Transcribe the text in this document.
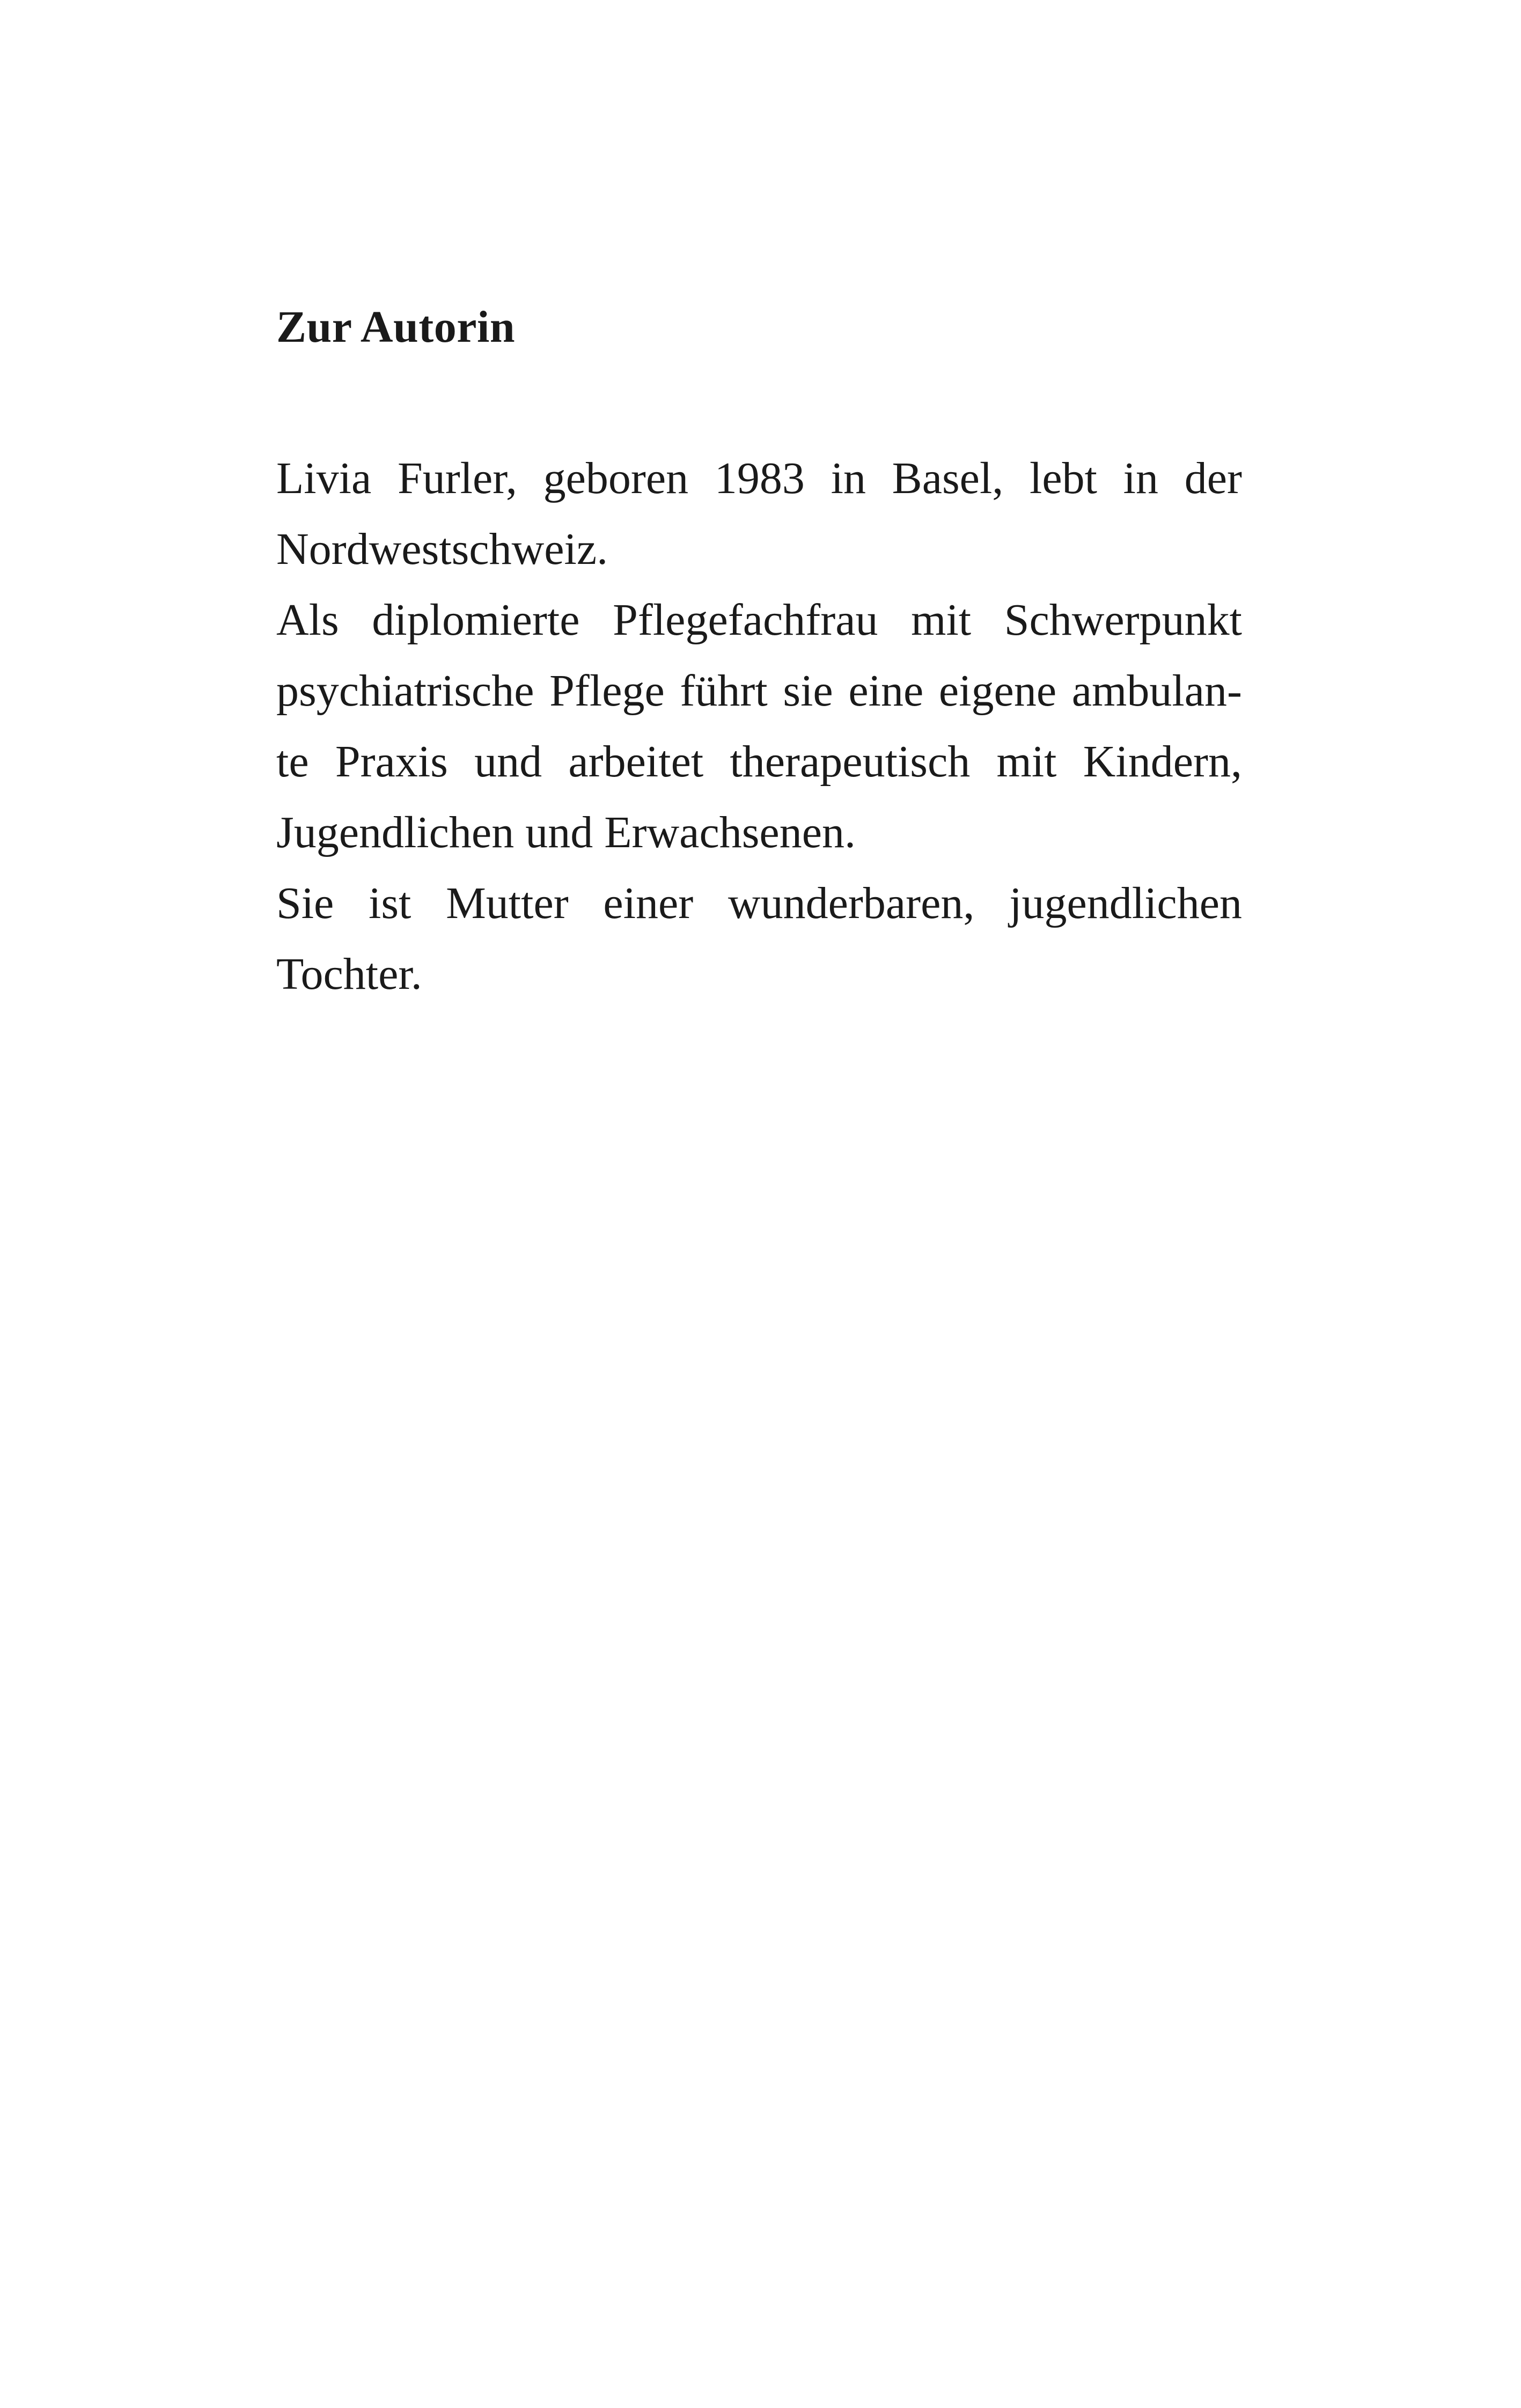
Zur Autorin

Livia Furler, geboren 1983 in Basel, lebt in der
Nordwestschweiz.

Als diplomierte Pflegefachfrau mit Schwerpunkt
psychiatrische Pflege führt sie eine eigene ambulan-
te Praxis und arbeitet therapeutisch mit Kindern,
Jugendlichen und Erwachsenen.

Sie ist Mutter einer wunderbaren, jugendlichen
Tochter.
